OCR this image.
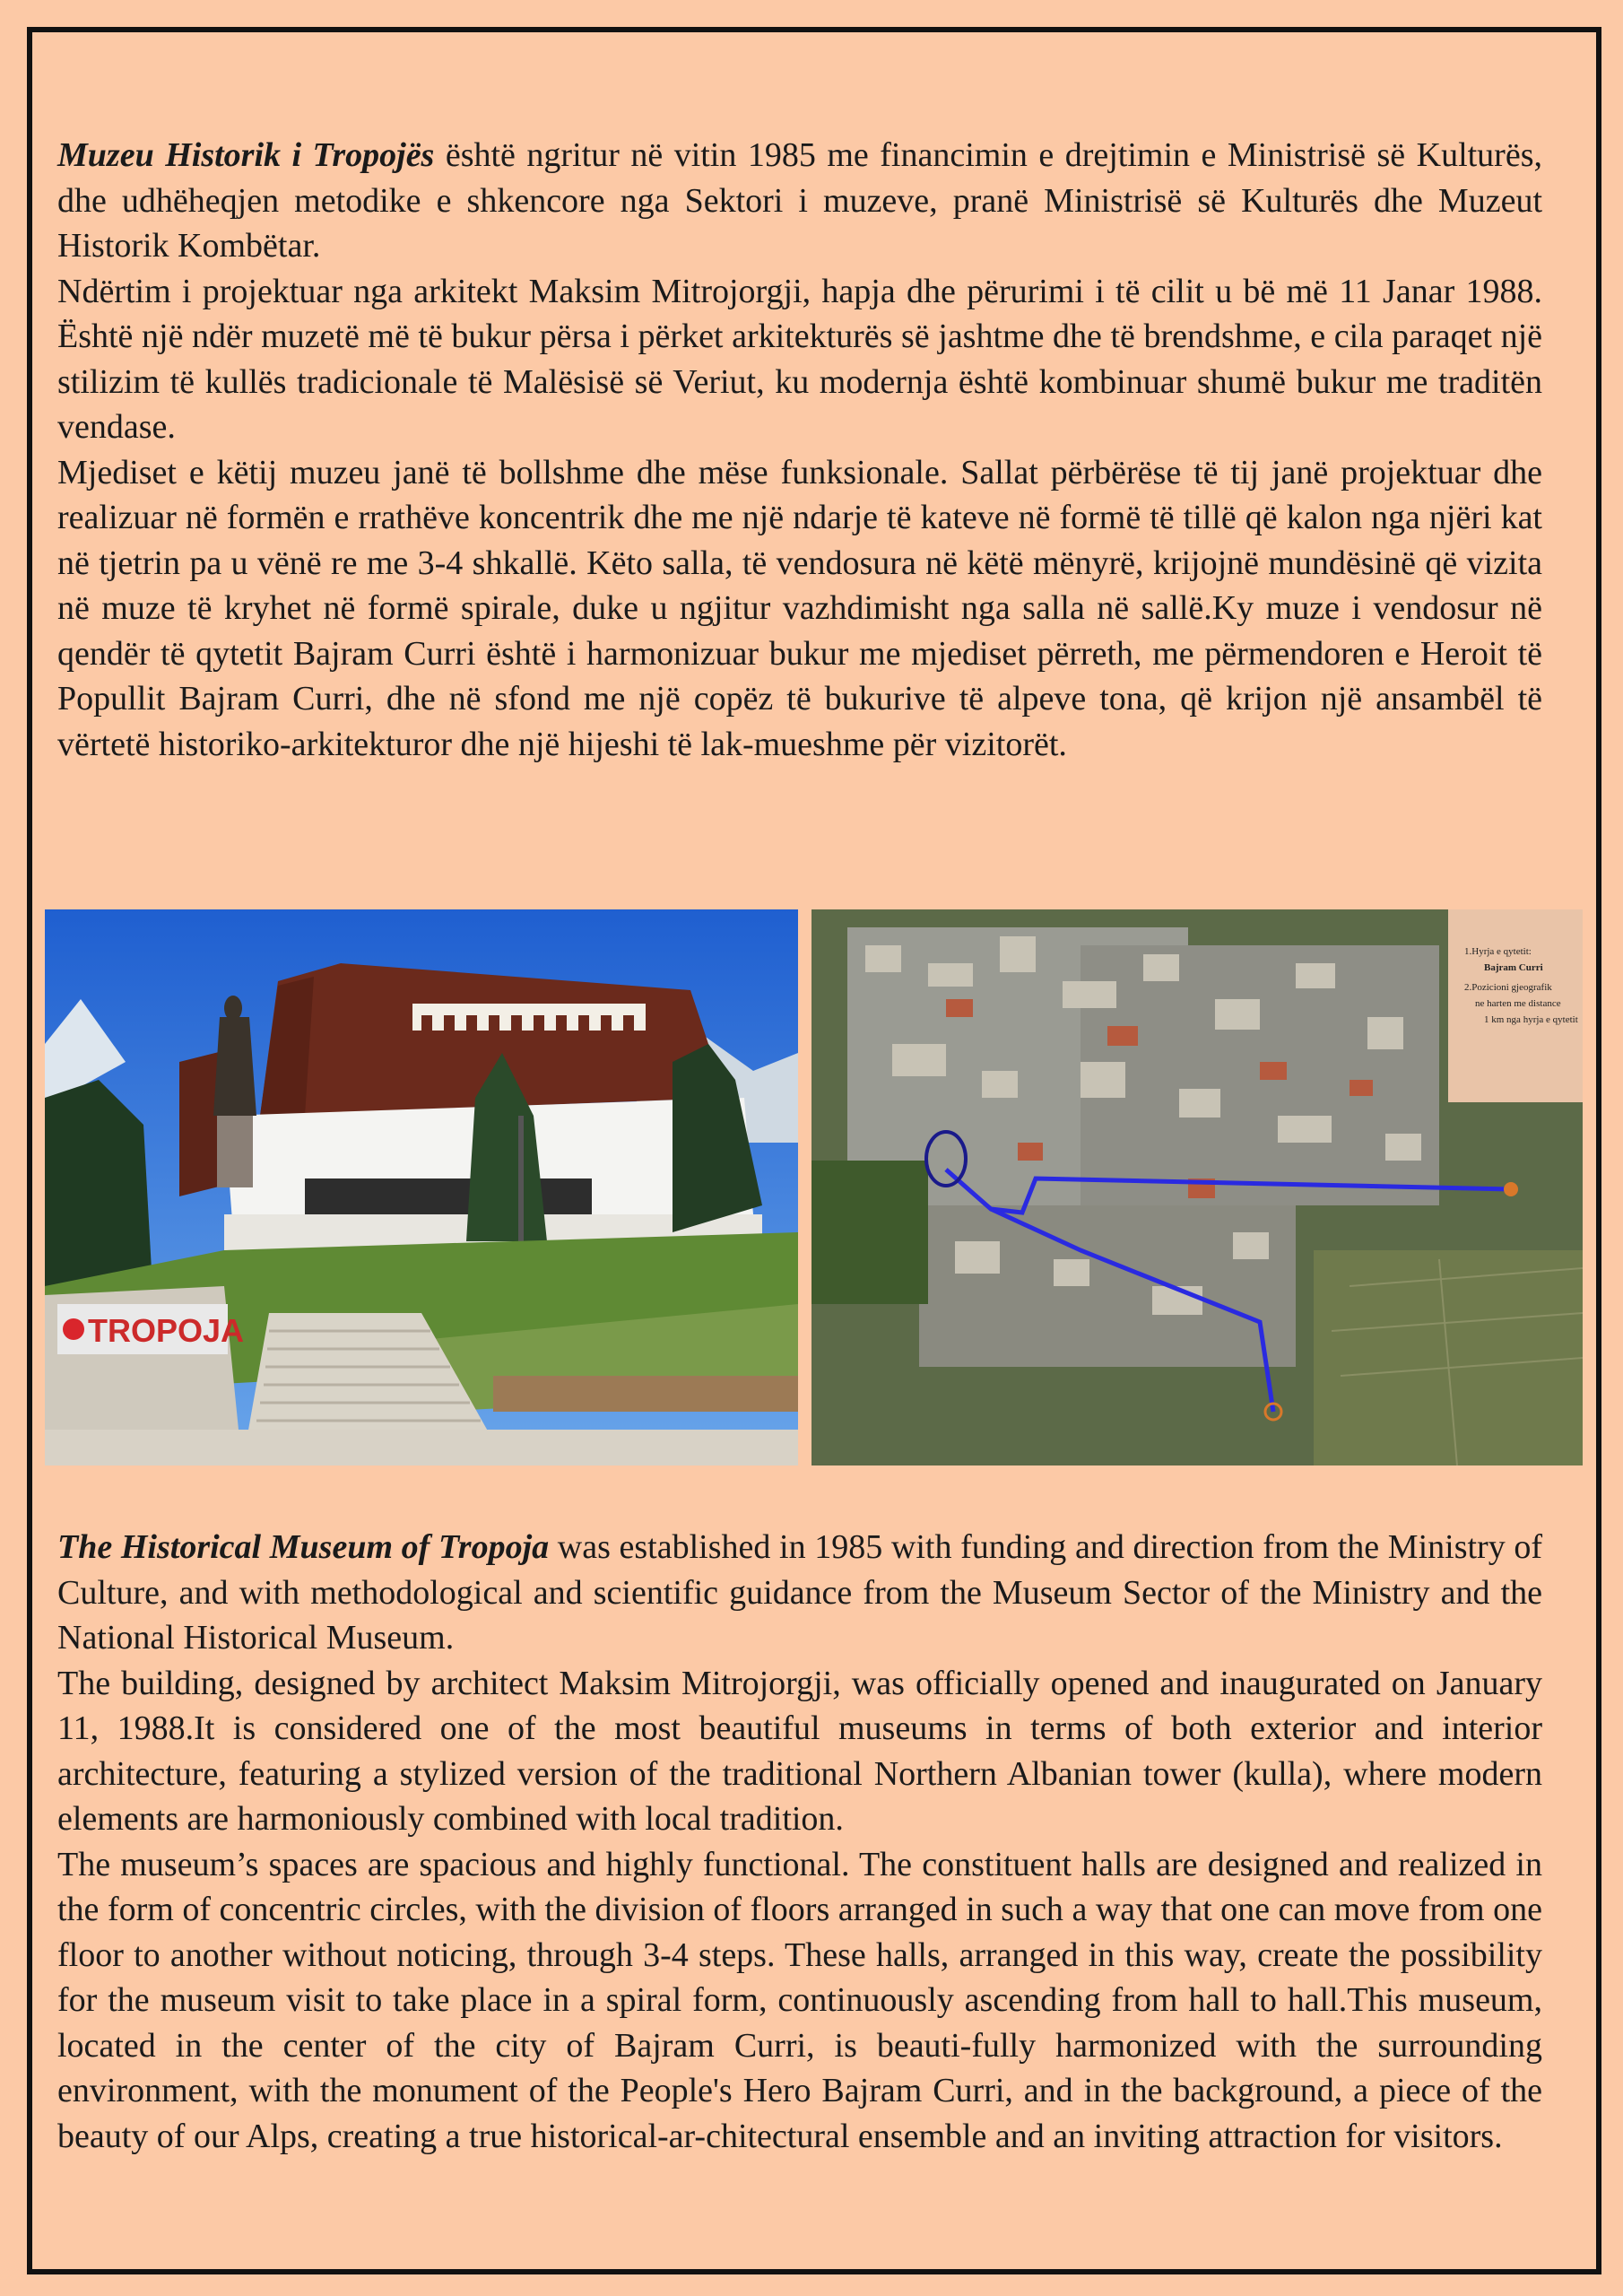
Muzeu Historik i Tropojës është ngritur në vitin 1985 me financimin e drejtimin e Ministrisë së Kulturës, dhe udhëheqjen metodike e shkencore nga Sektori i muzeve, pranë Ministrisë së Kulturës dhe Muzeut Historik Kombëtar.

Ndërtim i projektuar nga arkitekt Maksim Mitrojorgji, hapja dhe përurimi i të cilit u bë më 11 Janar 1988. Është një ndër muzetë më të bukur përsa i përket arkitekturës së jashtme dhe të brendshme, e cila paraqet një stilizim të kullës tradicionale të Malësisë së Veriut, ku modernja është kombinuar shumë bukur me traditën vendase.

Mjediset e këtij muzeu janë të bollshme dhe mëse funksionale. Sallat përbërëse të tij janë projektuar dhe realizuar në formën e rrathëve koncentrik dhe me një ndarje të kateve në formë të tillë që kalon nga njëri kat në tjetrin pa u vënë re me 3-4 shkallë. Këto salla, të vendosura në këtë mënyrë, krijojnë mundësinë që vizita në muze të kryhet në formë spirale, duke u ngjitur vazhdimisht nga salla në sallë.Ky muze i vendosur në qendër të qytetit Bajram Curri është i harmonizuar bukur me mjediset përreth, me përmendoren e Heroit të Popullit Bajram Curri, dhe në sfond me një copëz të bukurive të alpeve tona, që krijon një ansambël të vërtetë historiko-arkitekturor dhe një hijeshi të lak-mueshme për vizitorët.

TROPOJA
1.Hyrja e qytetit:
Bajram Curri
2.Pozicioni gjeografik
ne harten me distance
1 km nga hyrja e qytetit

The Historical Museum of Tropoja was established in 1985 with funding and direction from the Ministry of Culture, and with methodological and scientific guidance from the Museum Sector of the Ministry and the National Historical Museum.

The building, designed by architect Maksim Mitrojorgji, was officially opened and inaugurated on January 11, 1988.It is considered one of the most beautiful museums in terms of both exterior and interior architecture, featuring a stylized version of the traditional Northern Albanian tower (kulla), where modern elements are harmoniously combined with local tradition.

The museum’s spaces are spacious and highly functional. The constituent halls are designed and realized in the form of concentric circles, with the division of floors arranged in such a way that one can move from one floor to another without noticing, through 3-4 steps. These halls, arranged in this way, create the possibility for the museum visit to take place in a spiral form, continuously ascending from hall to hall.This museum, located in the center of the city of Bajram Curri, is beauti-fully harmonized with the surrounding environment, with the monument of the People's Hero Bajram Curri, and in the background, a piece of the beauty of our Alps, creating a true historical-ar-chitectural ensemble and an inviting attraction for visitors.
